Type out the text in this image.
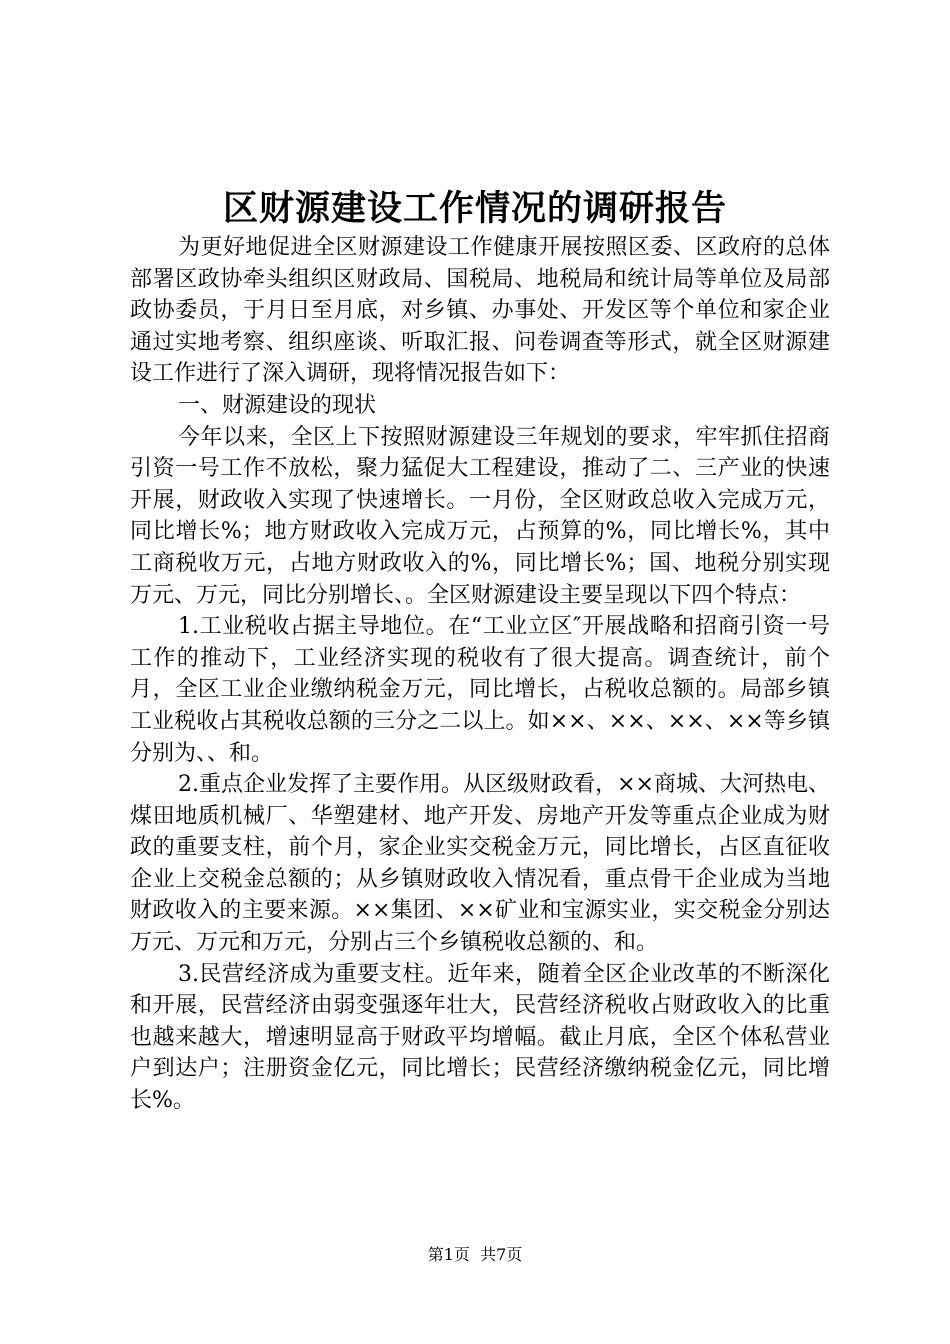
区财源建设工作情况的调研报告

为更好地促进全区财源建设工作健康开展按照区委、区政府的总体部署区政协牵头组织区财政局、国税局、地税局和统计局等单位及局部政协委员，于月日至月底，对乡镇、办事处、开发区等个单位和家企业通过实地考察、组织座谈、听取汇报、问卷调查等形式，就全区财源建设工作进行了深入调研，现将情况报告如下：

一、财源建设的现状

今年以来，全区上下按照财源建设三年规划的要求，牢牢抓住招商引资一号工作不放松，聚力猛促大工程建设，推动了二、三产业的快速开展，财政收入实现了快速增长。一月份，全区财政总收入完成万元，同比增长%；地方财政收入完成万元，占预算的%，同比增长%，其中工商税收万元，占地方财政收入的%，同比增长%；国、地税分别实现万元、万元，同比分别增长、。全区财源建设主要呈现以下四个特点：

1.工业税收占据主导地位。在“工业立区″开展战略和招商引资一号工作的推动下，工业经济实现的税收有了很大提高。调查统计，前个月，全区工业企业缴纳税金万元，同比增长，占税收总额的。局部乡镇工业税收占其税收总额的三分之二以上。如××、××、××、××等乡镇分别为、、和。

2.重点企业发挥了主要作用。从区级财政看，××商城、大河热电、煤田地质机械厂、华塑建材、地产开发、房地产开发等重点企业成为财政的重要支柱，前个月，家企业实交税金万元，同比增长，占区直征收企业上交税金总额的；从乡镇财政收入情况看，重点骨干企业成为当地财政收入的主要来源。××集团、××矿业和宝源实业，实交税金分别达万元、万元和万元，分别占三个乡镇税收总额的、和。

3.民营经济成为重要支柱。近年来，随着全区企业改革的不断深化和开展，民营经济由弱变强逐年壮大，民营经济税收占财政收入的比重也越来越大，增速明显高于财政平均增幅。截止月底，全区个体私营业户到达户；注册资金亿元，同比增长；民营经济缴纳税金亿元，同比增长%。

第1页 共7页
